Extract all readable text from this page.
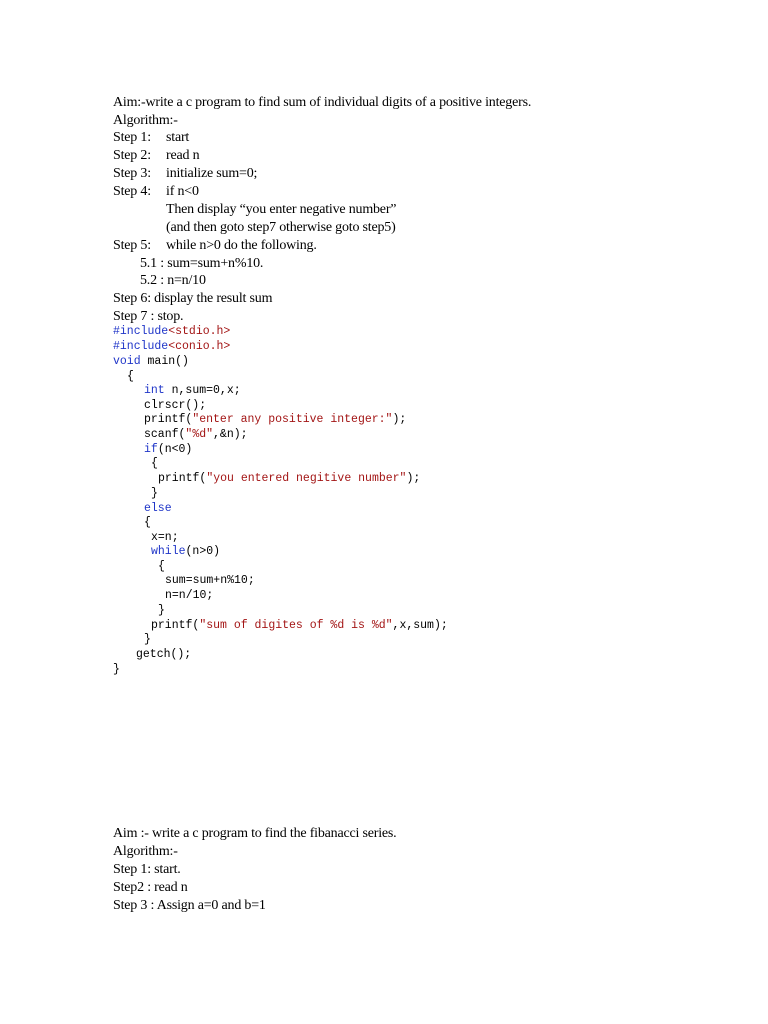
Aim:-write a c program to find sum of individual digits of a positive integers.
Algorithm:-
Step 1: start
Step 2: read n
Step 3: initialize sum=0;
Step 4: if n<0
Then display “you enter negative number”
(and then goto step7 otherwise goto step5)
Step 5: while n>0 do the following.
5.1 : sum=sum+n%10.
5.2 : n=n/10
Step 6: display the result sum
Step 7 : stop.
#include<stdio.h>
#include<conio.h>
void main()
{
int n,sum=0,x;
clrscr();
printf("enter any positive integer:");
scanf("%d",&n);
if(n<0)
{
printf("you entered negitive number");
}
else
{
x=n;
while(n>0)
{
sum=sum+n%10;
n=n/10;
}
printf("sum of digites of %d is %d",x,sum);
}
getch();
}
Aim :- write a c program to find the fibanacci series.
Algorithm:-
Step 1: start.
Step2 : read n
Step 3 : Assign a=0 and b=1
